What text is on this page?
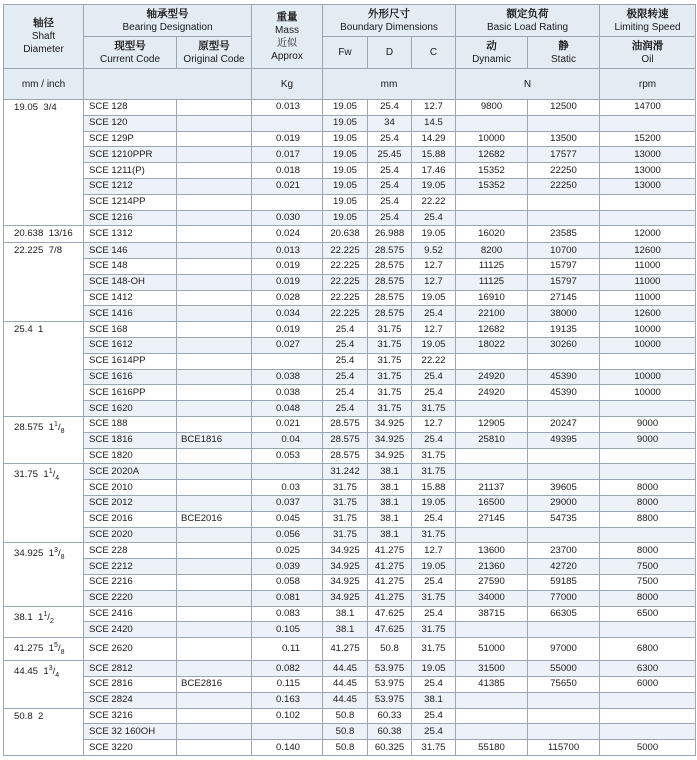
轴径
Shaft
Diameter	轴承型号
Bearing Designation		重量
Mass
近似
Approx	外形尺寸
Boundary Dimensions			额定负荷
Basic Load Rating		极限转速
Limiting Speed

	现型号
Current Code	原型号
Original Code		Fw	D	C	动
Dynamic	静
Static	油润滑
Oil

mm / inch			Kg	mm			N		rpm
19.05 3/4	SCE 128		0.013	19.05	25.4	12.7	9800	12500	14700
	SCE 120			19.05	34	14.5			
	SCE 129P		0.019	19.05	25.4	14.29	10000	13500	15200
	SCE 1210PPR		0.017	19.05	25.45	15.88	12682	17577	13000
	SCE 1211(P)		0.018	19.05	25.4	17.46	15352	22250	13000
	SCE 1212		0.021	19.05	25.4	19.05	15352	22250	13000
	SCE 1214PP			19.05	25.4	22.22			
	SCE 1216		0.030	19.05	25.4	25.4			
20.638 13/16	SCE 1312		0.024	20.638	26.988	19.05	16020	23585	12000
22.225 7/8	SCE 146		0.013	22.225	28.575	9.52	8200	10700	12600
	SCE 148		0.019	22.225	28.575	12.7	11125	15797	11000
	SCE 148-OH		0.019	22.225	28.575	12.7	11125	15797	11000
	SCE 1412		0.028	22.225	28.575	19.05	16910	27145	11000
	SCE 1416		0.034	22.225	28.575	25.4	22100	38000	12600
25.4 1	SCE 168		0.019	25.4	31.75	12.7	12682	19135	10000
	SCE 1612		0.027	25.4	31.75	19.05	18022	30260	10000
	SCE 1614PP			25.4	31.75	22.22			
	SCE 1616		0.038	25.4	31.75	25.4	24920	45390	10000
	SCE 1616PP		0.038	25.4	31.75	25.4	24920	45390	10000
	SCE 1620		0.048	25.4	31.75	31.75			
28.575 $1^1/_8$	SCE 188		0.021	28.575	34.925	12.7	12905	20247	9000
	SCE 1816	BCE1816	0.04	28.575	34.925	25.4	25810	49395	9000
	SCE 1820		0.053	28.575	34.925	31.75			
31.75 $1^1/_4$	SCE 2020A			31.242	38.1	31.75			
	SCE 2010		0.03	31.75	38.1	15.88	21137	39605	8000
	SCE 2012		0.037	31.75	38.1	19.05	16500	29000	8000
	SCE 2016	BCE2016	0.045	31.75	38.1	25.4	27145	54735	8800
	SCE 2020		0.056	31.75	38.1	31.75			
34.925 $1^3/_8$	SCE 228		0.025	34.925	41.275	12.7	13600	23700	8000
	SCE 2212		0.039	34.925	41.275	19.05	21360	42720	7500
	SCE 2216		0.058	34.925	41.275	25.4	27590	59185	7500
	SCE 2220		0.081	34.925	41.275	31.75	34000	77000	8000
38.1 $1^1/_2$	SCE 2416		0.083	38.1	47.625	25.4	38715	66305	6500
	SCE 2420		0.105	38.1	47.625	31.75			
41.275 $1^5/_8$	SCE 2620		0.11	41.275	50.8	31.75	51000	97000	6800
44.45 $1^3/_4$	SCE 2812		0.082	44.45	53.975	19.05	31500	55000	6300
	SCE 2816	BCE2816	0.115	44.45	53.975	25.4	41385	75650	6000
	SCE 2824		0.163	44.45	53.975	38.1			
50.8 2	SCE 3216		0.102	50.8	60.33	25.4			
	SCE 32 160OH			50.8	60.38	25.4			
	SCE 3220		0.140	50.8	60.325	31.75	55180	115700	5000
